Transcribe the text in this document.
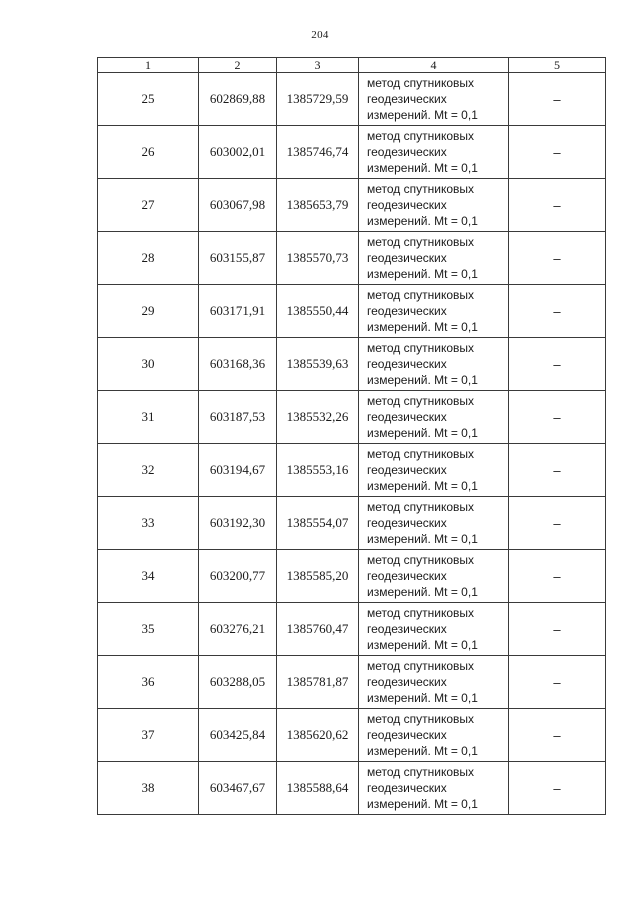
204
1	2	3	4	5
25	602869,88	1385729,59	метод спутниковых
геодезических
измерений. Mt = 0,1	–
26	603002,01	1385746,74	метод спутниковых
геодезических
измерений. Mt = 0,1	–
27	603067,98	1385653,79	метод спутниковых
геодезических
измерений. Mt = 0,1	–
28	603155,87	1385570,73	метод спутниковых
геодезических
измерений. Mt = 0,1	–
29	603171,91	1385550,44	метод спутниковых
геодезических
измерений. Mt = 0,1	–
30	603168,36	1385539,63	метод спутниковых
геодезических
измерений. Mt = 0,1	–
31	603187,53	1385532,26	метод спутниковых
геодезических
измерений. Mt = 0,1	–
32	603194,67	1385553,16	метод спутниковых
геодезических
измерений. Mt = 0,1	–
33	603192,30	1385554,07	метод спутниковых
геодезических
измерений. Mt = 0,1	–
34	603200,77	1385585,20	метод спутниковых
геодезических
измерений. Mt = 0,1	–
35	603276,21	1385760,47	метод спутниковых
геодезических
измерений. Mt = 0,1	–
36	603288,05	1385781,87	метод спутниковых
геодезических
измерений. Mt = 0,1	–
37	603425,84	1385620,62	метод спутниковых
геодезических
измерений. Mt = 0,1	–
38	603467,67	1385588,64	метод спутниковых
геодезических
измерений. Mt = 0,1	–
